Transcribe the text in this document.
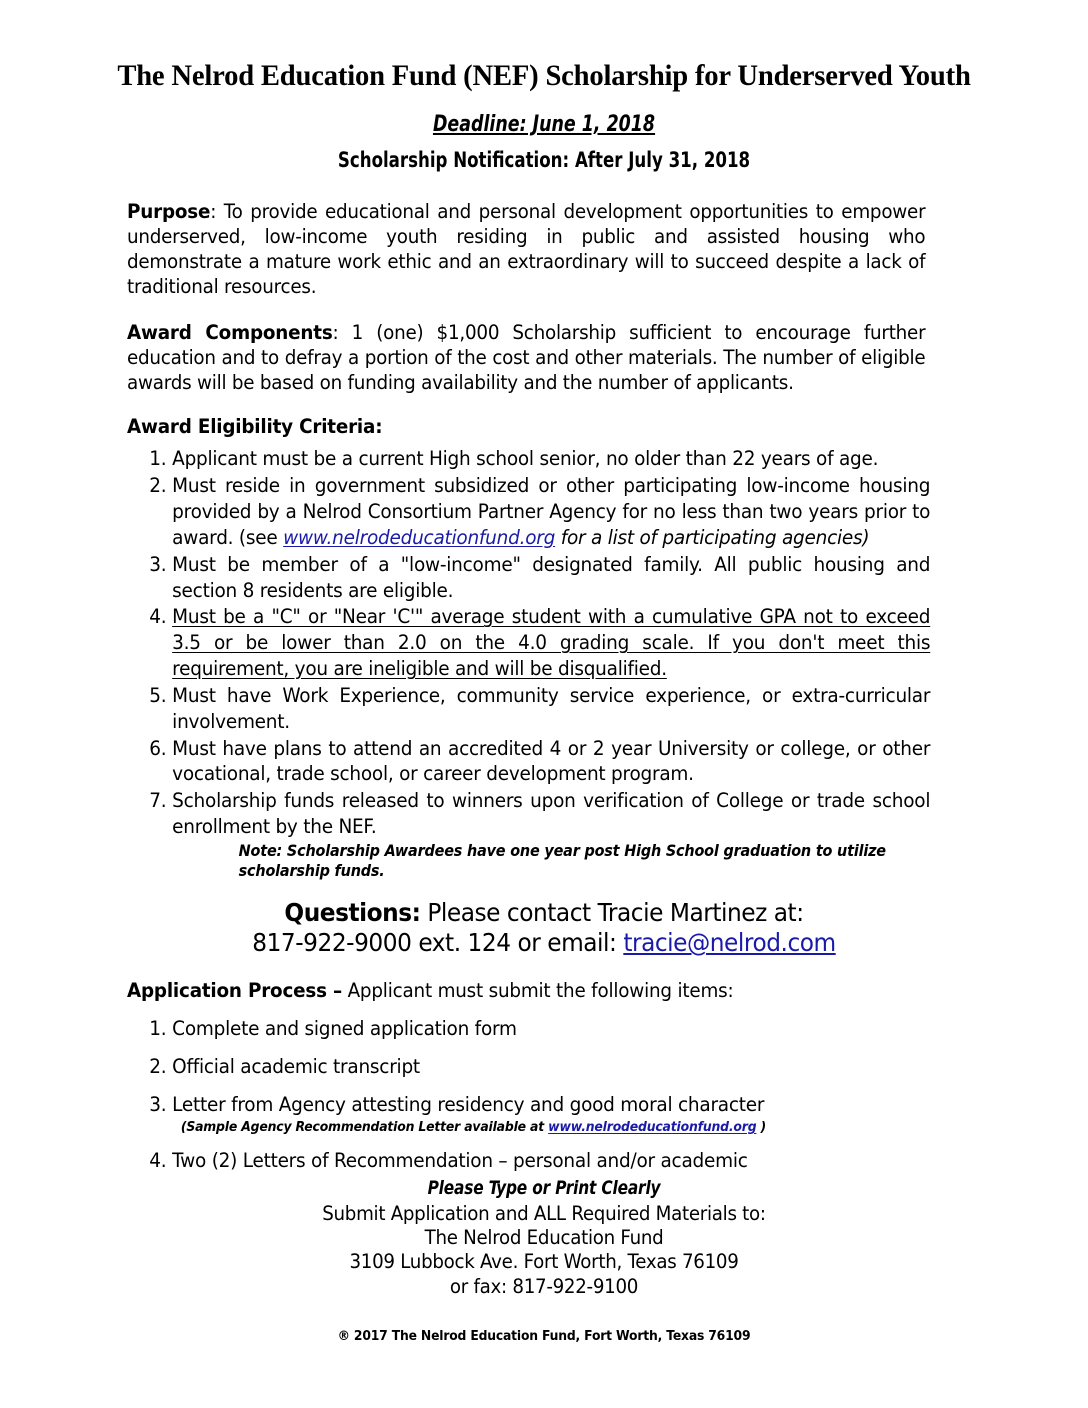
The Nelrod Education Fund (NEF) Scholarship for Underserved Youth
Deadline: June 1, 2018
Scholarship Notification: After July 31, 2018

Purpose: To provide educational and personal development opportunities to empower underserved, low-income youth residing in public and assisted housing who demonstrate a mature work ethic and an extraordinary will to succeed despite a lack of traditional resources.

Award Components: 1 (one) $1,000 Scholarship sufficient to encourage further education and to defray a portion of the cost and other materials. The number of eligible awards will be based on funding availability and the number of applicants.

Award Eligibility Criteria:
1. Applicant must be a current High school senior, no older than 22 years of age.
2. Must reside in government subsidized or other participating low-income housing provided by a Nelrod Consortium Partner Agency for no less than two years prior to award. (see www.nelrodeducationfund.org for a list of participating agencies)
3. Must be member of a "low-income" designated family. All public housing and section 8 residents are eligible.
4. Must be a "C" or "Near 'C'" average student with a cumulative GPA not to exceed 3.5 or be lower than 2.0 on the 4.0 grading scale. If you don't meet this requirement, you are ineligible and will be disqualified.
5. Must have Work Experience, community service experience, or extra-curricular involvement.
6. Must have plans to attend an accredited 4 or 2 year University or college, or other vocational, trade school, or career development program.
7. Scholarship funds released to winners upon verification of College or trade school enrollment by the NEF.

Note: Scholarship Awardees have one year post High School graduation to utilize scholarship funds.

Questions: Please contact Tracie Martinez at:
817-922-9000 ext. 124 or email: tracie@nelrod.com
Application Process – Applicant must submit the following items:
1. Complete and signed application form
2. Official academic transcript
3. Letter from Agency attesting residency and good moral character

(Sample Agency Recommendation Letter available at www.nelrodeducationfund.org )

4. Two (2) Letters of Recommendation – personal and/or academic
Please Type or Print Clearly
Submit Application and ALL Required Materials to:
The Nelrod Education Fund
3109 Lubbock Ave. Fort Worth, Texas 76109
or fax: 817-922-9100
® 2017 The Nelrod Education Fund, Fort Worth, Texas 76109
